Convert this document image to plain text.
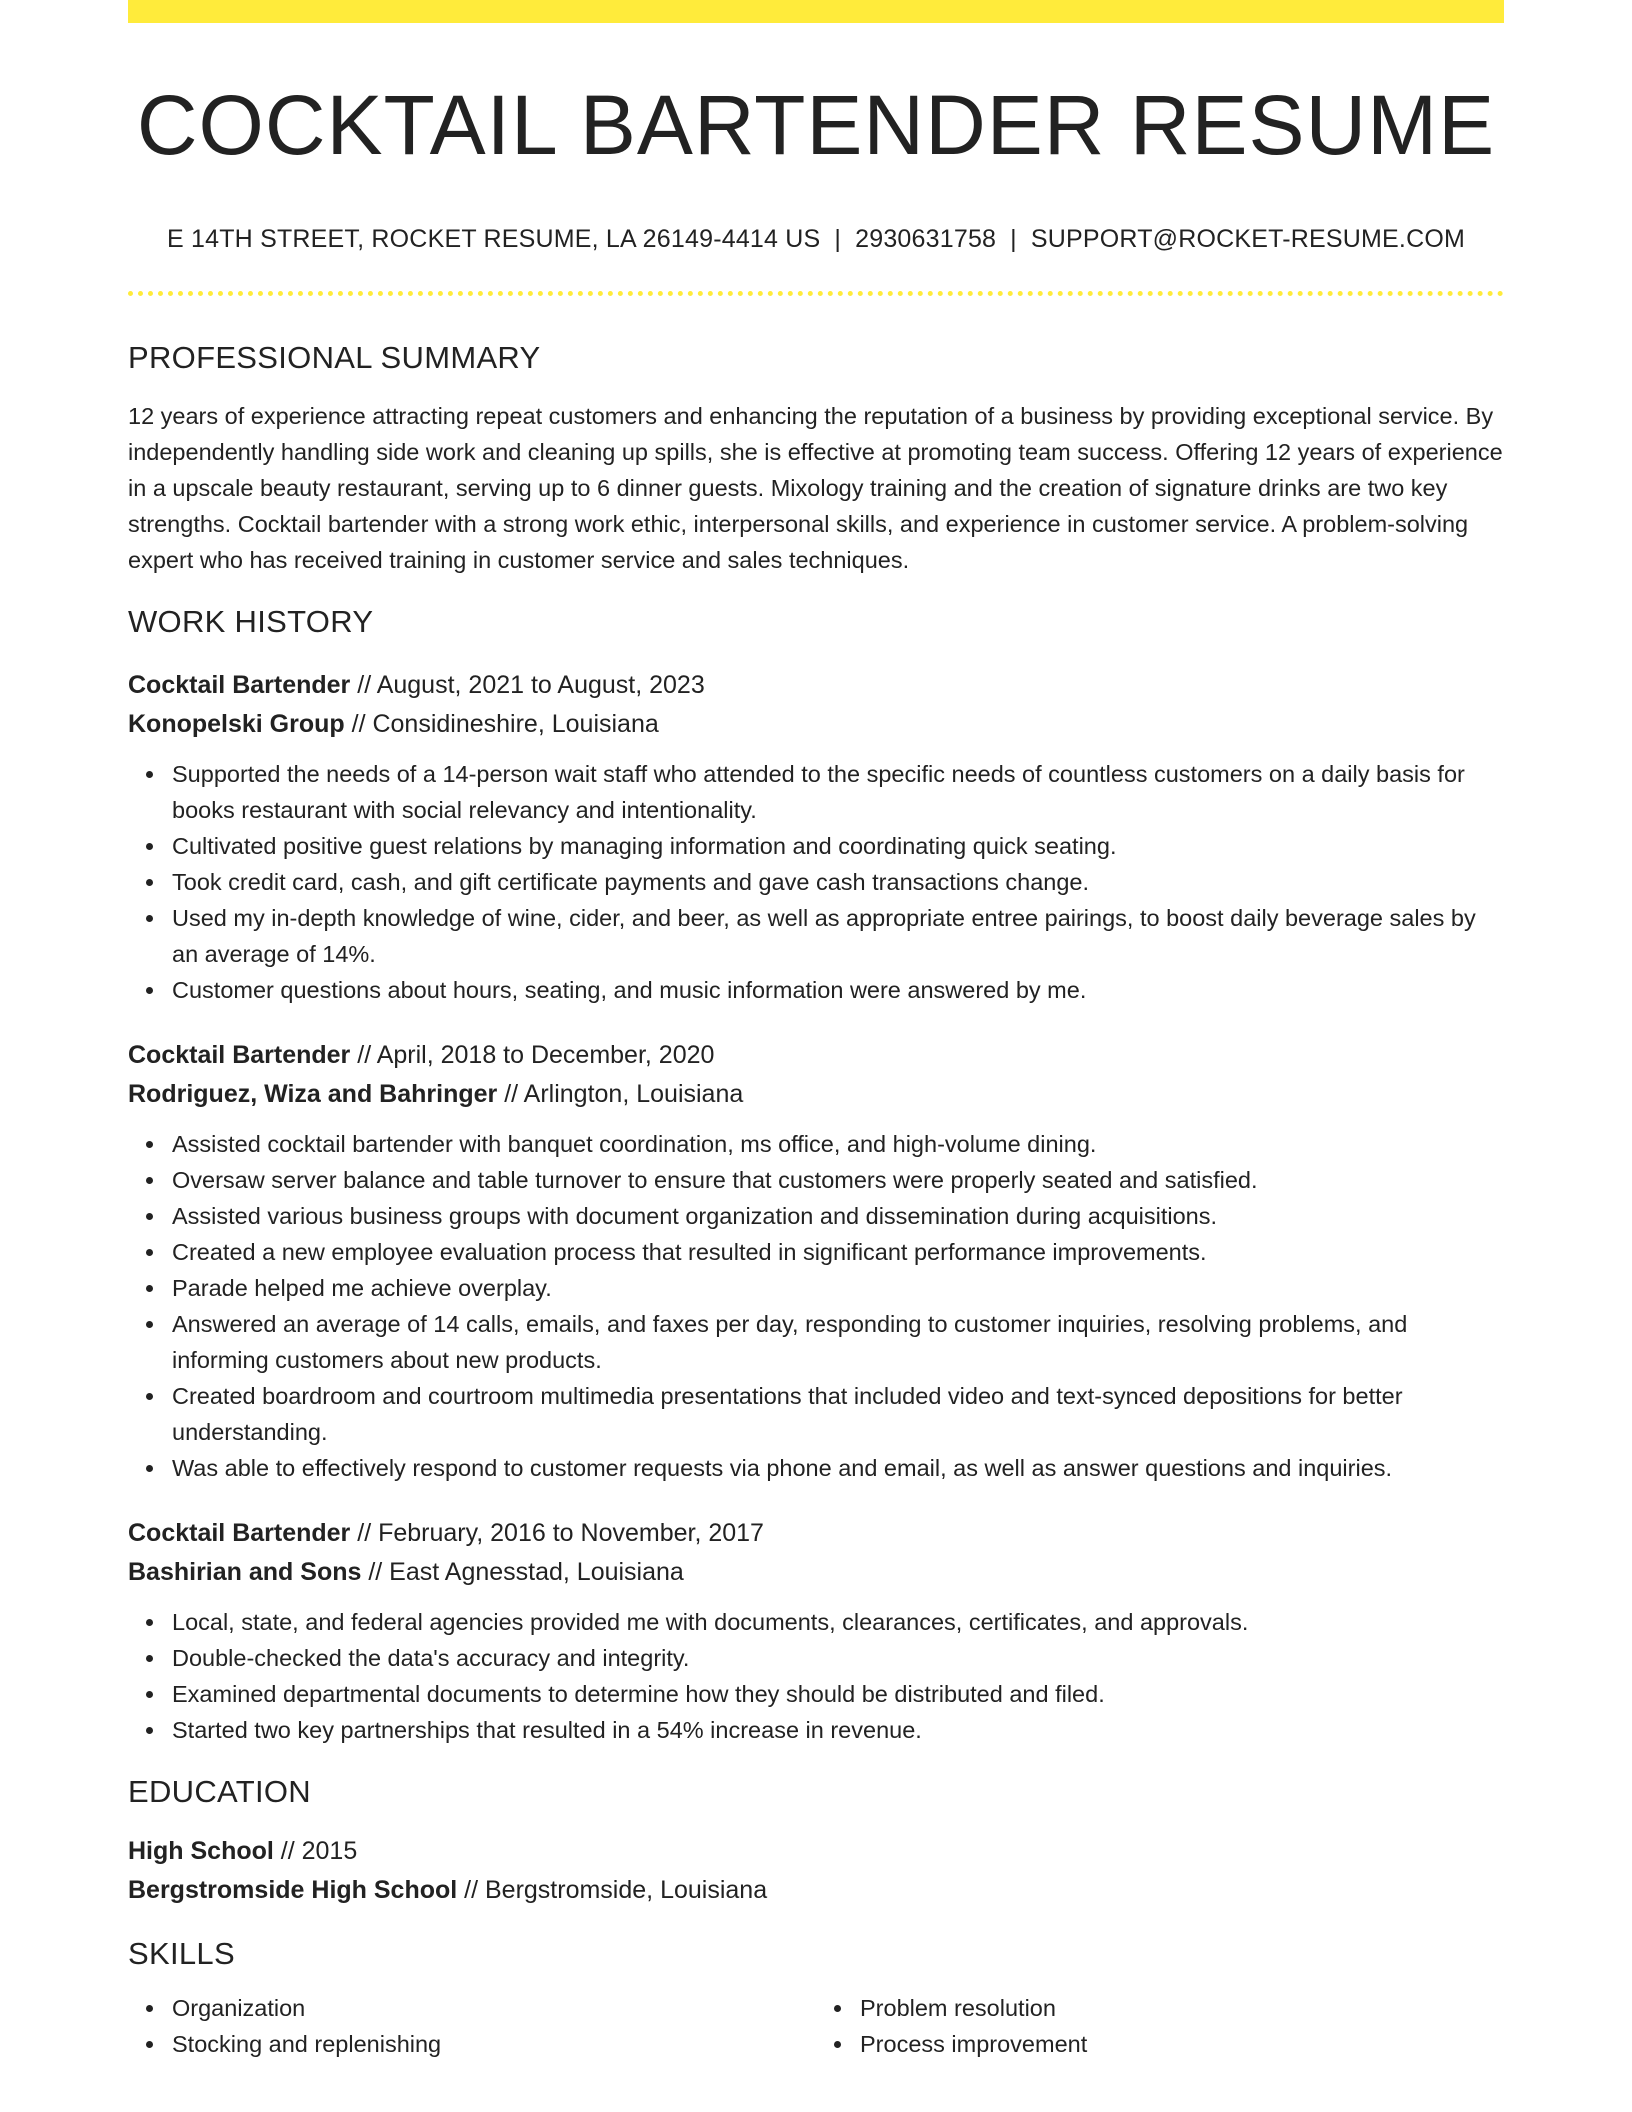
COCKTAIL BARTENDER RESUME
E 14TH STREET, ROCKET RESUME, LA 26149-4414 US | 2930631758 | SUPPORT@ROCKET-RESUME.COM
PROFESSIONAL SUMMARY

12 years of experience attracting repeat customers and enhancing the reputation of a business by providing exceptional service. By independently handling side work and cleaning up spills, she is effective at promoting team success. Offering 12 years of experience in a upscale beauty restaurant, serving up to 6 dinner guests. Mixology training and the creation of signature drinks are two key strengths. Cocktail bartender with a strong work ethic, interpersonal skills, and experience in customer service. A problem-solving expert who has received training in customer service and sales techniques.

WORK HISTORY
Cocktail Bartender // August, 2021 to August, 2023
Konopelski Group // Considineshire, Louisiana
Supported the needs of a 14-person wait staff who attended to the specific needs of countless customers on a daily basis for books restaurant with social relevancy and intentionality.
Cultivated positive guest relations by managing information and coordinating quick seating.
Took credit card, cash, and gift certificate payments and gave cash transactions change.
Used my in-depth knowledge of wine, cider, and beer, as well as appropriate entree pairings, to boost daily beverage sales by an average of 14%.
Customer questions about hours, seating, and music information were answered by me.
Cocktail Bartender // April, 2018 to December, 2020
Rodriguez, Wiza and Bahringer // Arlington, Louisiana
Assisted cocktail bartender with banquet coordination, ms office, and high-volume dining.
Oversaw server balance and table turnover to ensure that customers were properly seated and satisfied.
Assisted various business groups with document organization and dissemination during acquisitions.
Created a new employee evaluation process that resulted in significant performance improvements.
Parade helped me achieve overplay.
Answered an average of 14 calls, emails, and faxes per day, responding to customer inquiries, resolving problems, and informing customers about new products.
Created boardroom and courtroom multimedia presentations that included video and text-synced depositions for better understanding.
Was able to effectively respond to customer requests via phone and email, as well as answer questions and inquiries.
Cocktail Bartender // February, 2016 to November, 2017
Bashirian and Sons // East Agnesstad, Louisiana
Local, state, and federal agencies provided me with documents, clearances, certificates, and approvals.
Double-checked the data's accuracy and integrity.
Examined departmental documents to determine how they should be distributed and filed.
Started two key partnerships that resulted in a 54% increase in revenue.
EDUCATION
High School // 2015
Bergstromside High School // Bergstromside, Louisiana
SKILLS
Organization
Stocking and replenishing
Problem resolution
Process improvement
